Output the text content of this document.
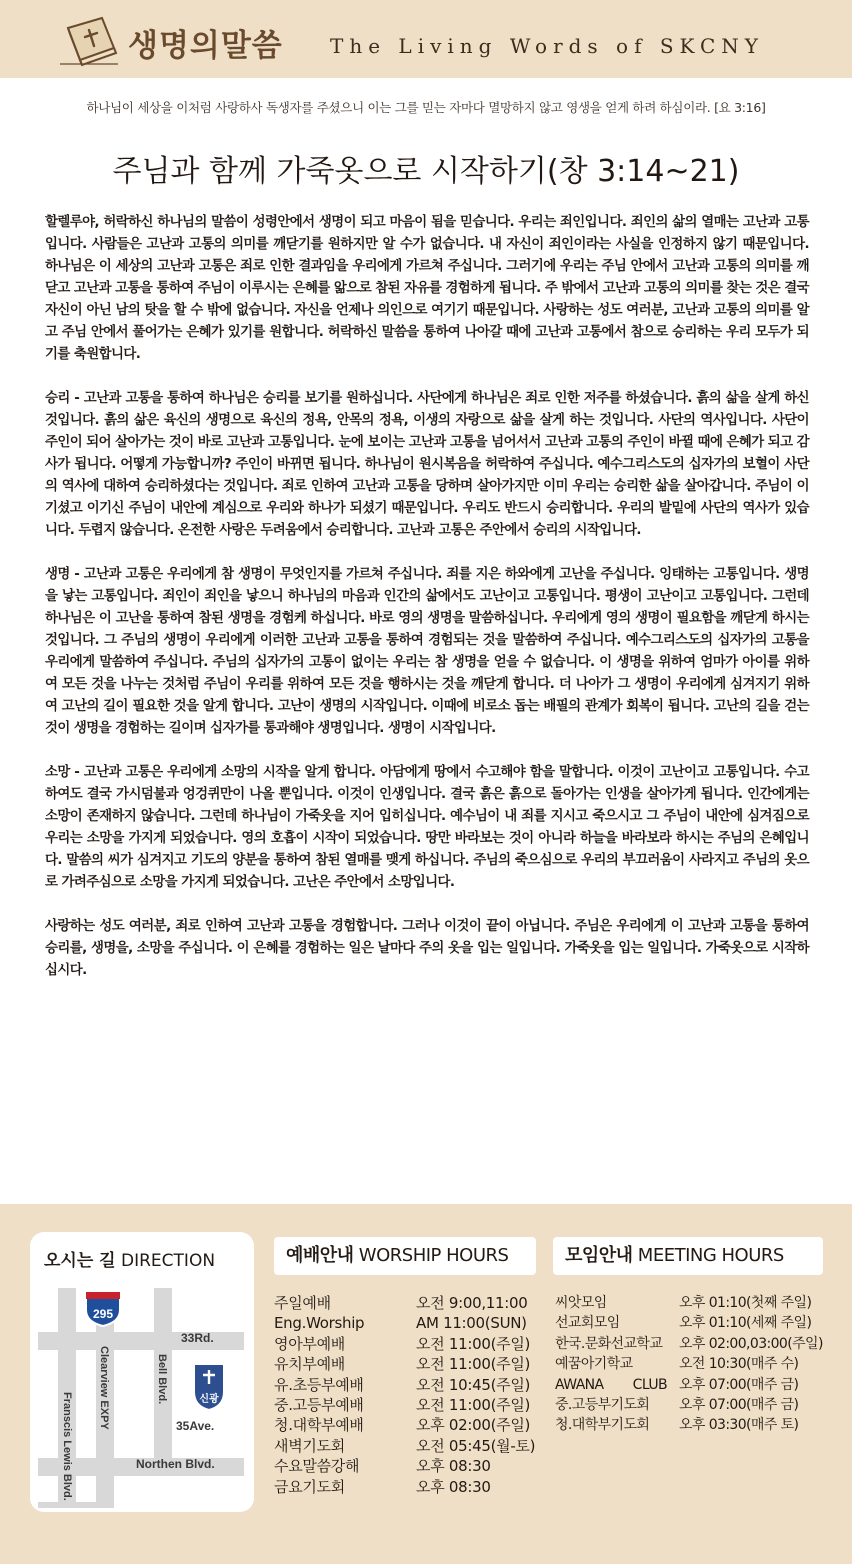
생명의말씀 The Living Words of SKCNY
하나님이 세상을 이처럼 사랑하사 독생자를 주셨으니 이는 그를 믿는 자마다 멸망하지 않고 영생을 얻게 하려 하심이라. [요 3:16]
주님과 함께 가죽옷으로 시작하기(창 3:14~21)

할렐루야, 허락하신 하나님의 말씀이 성령안에서 생명이 되고 마음이 됨을 믿습니다. 우리는 죄인입니다. 죄인의 삶의 열매는 고난과 고통입니다. 사람들은 고난과 고통의 의미를 깨닫기를 원하지만 알 수가 없습니다. 내 자신이 죄인이라는 사실을 인정하지 않기 때문입니다. 하나님은 이 세상의 고난과 고통은 죄로 인한 결과임을 우리에게 가르쳐 주십니다. 그러기에 우리는 주님 안에서 고난과 고통의 의미를 깨닫고 고난과 고통을 통하여 주님이 이루시는 은혜를 앎으로 참된 자유를 경험하게 됩니다. 주 밖에서 고난과 고통의 의미를 찾는 것은 결국 자신이 아닌 남의 탓을 할 수 밖에 없습니다. 자신을 언제나 의인으로 여기기 때문입니다. 사랑하는 성도 여러분, 고난과 고통의 의미를 알고 주님 안에서 풀어가는 은혜가 있기를 원합니다. 허락하신 말씀을 통하여 나아갈 때에 고난과 고통에서 참으로 승리하는 우리 모두가 되기를 축원합니다.

승리 - 고난과 고통을 통하여 하나님은 승리를 보기를 원하십니다. 사단에게 하나님은 죄로 인한 저주를 하셨습니다. 흙의 삶을 살게 하신 것입니다. 흙의 삶은 육신의 생명으로 육신의 정욕, 안목의 정욕, 이생의 자랑으로 삶을 살게 하는 것입니다. 사단의 역사입니다. 사단이 주인이 되어 살아가는 것이 바로 고난과 고통입니다. 눈에 보이는 고난과 고통을 넘어서서 고난과 고통의 주인이 바뀔 때에 은혜가 되고 감사가 됩니다. 어떻게 가능합니까? 주인이 바뀌면 됩니다. 하나님이 원시복음을 허락하여 주십니다. 예수그리스도의 십자가의 보혈이 사단의 역사에 대하여 승리하셨다는 것입니다. 죄로 인하여 고난과 고통을 당하며 살아가지만 이미 우리는 승리한 삶을 살아갑니다. 주님이 이기셨고 이기신 주님이 내안에 계심으로 우리와 하나가 되셨기 때문입니다. 우리도 반드시 승리합니다. 우리의 발밑에 사단의 역사가 있습니다. 두렵지 않습니다. 온전한 사랑은 두려움에서 승리합니다. 고난과 고통은 주안에서 승리의 시작입니다.

생명 - 고난과 고통은 우리에게 참 생명이 무엇인지를 가르쳐 주십니다. 죄를 지은 하와에게 고난을 주십니다. 잉태하는 고통입니다. 생명을 낳는 고통입니다. 죄인이 죄인을 낳으니 하나님의 마음과 인간의 삶에서도 고난이고 고통입니다. 평생이 고난이고 고통입니다. 그런데 하나님은 이 고난을 통하여 참된 생명을 경험케 하십니다. 바로 영의 생명을 말씀하십니다. 우리에게 영의 생명이 필요함을 깨닫게 하시는 것입니다. 그 주님의 생명이 우리에게 이러한 고난과 고통을 통하여 경험되는 것을 말씀하여 주십니다. 예수그리스도의 십자가의 고통을 우리에게 말씀하여 주십니다. 주님의 십자가의 고통이 없이는 우리는 참 생명을 얻을 수 없습니다. 이 생명을 위하여 엄마가 아이를 위하여 모든 것을 나누는 것처럼 주님이 우리를 위하여 모든 것을 행하시는 것을 깨닫게 합니다. 더 나아가 그 생명이 우리에게 심겨지기 위하여 고난의 길이 필요한 것을 알게 합니다. 고난이 생명의 시작입니다. 이때에 비로소 돕는 배필의 관계가 회복이 됩니다. 고난의 길을 걷는 것이 생명을 경험하는 길이며 십자가를 통과해야 생명입니다. 생명이 시작입니다.

소망 - 고난과 고통은 우리에게 소망의 시작을 알게 합니다. 아담에게 땅에서 수고해야 함을 말합니다. 이것이 고난이고 고통입니다. 수고하여도 결국 가시덤불과 엉겅퀴만이 나올 뿐입니다. 이것이 인생입니다. 결국 흙은 흙으로 돌아가는 인생을 살아가게 됩니다. 인간에게는 소망이 존재하지 않습니다. 그런데 하나님이 가죽옷을 지어 입히십니다. 예수님이 내 죄를 지시고 죽으시고 그 주님이 내안에 심겨짐으로 우리는 소망을 가지게 되었습니다. 영의 호흡이 시작이 되었습니다. 땅만 바라보는 것이 아니라 하늘을 바라보라 하시는 주님의 은혜입니다. 말씀의 씨가 심겨지고 기도의 양분을 통하여 참된 열매를 맺게 하십니다. 주님의 죽으심으로 우리의 부끄러움이 사라지고 주님의 옷으로 가려주심으로 소망을 가지게 되었습니다. 고난은 주안에서 소망입니다.

사랑하는 성도 여러분, 죄로 인하여 고난과 고통을 경험합니다. 그러나 이것이 끝이 아닙니다. 주님은 우리에게 이 고난과 고통을 통하여 승리를, 생명을, 소망을 주십니다. 이 은혜를 경험하는 일은 날마다 주의 옷을 입는 일입니다. 가죽옷을 입는 일입니다. 가죽옷으로 시작하십시다.

오시는 길 DIRECTION
295
33Rd.
35Ave.
Northen Blvd.
Franscis Lewis Blvd.
Clearview EXPY	Bell Blvd.	신광
예배안내 WORSHIP HOURS	모임안내 MEETING HOURS
주일예배	오전 9:00,11:00
Eng.Worship	AM 11:00(SUN)
영아부예배	오전 11:00(주일)
유치부예배	오전 11:00(주일)
유.초등부예배	오전 10:45(주일)
중.고등부예배	오전 11:00(주일)
청.대학부예배	오후 02:00(주일)
새벽기도회	오전 05:45(월-토)
수요말씀강해	오후 08:30
금요기도회	오후 08:30
씨앗모임	오후 01:10(첫째 주일)
선교회모임	오후 01:10(세째 주일)
한국.문화선교학교	오후 02:00,03:00(주일)
예꿈아기학교	오전 10:30(매주 수)
AWANA CLUB 오후 07:00(매주 금)
중.고등부기도회	오후 07:00(매주 금)
청.대학부기도회	오후 03:30(매주 토)
